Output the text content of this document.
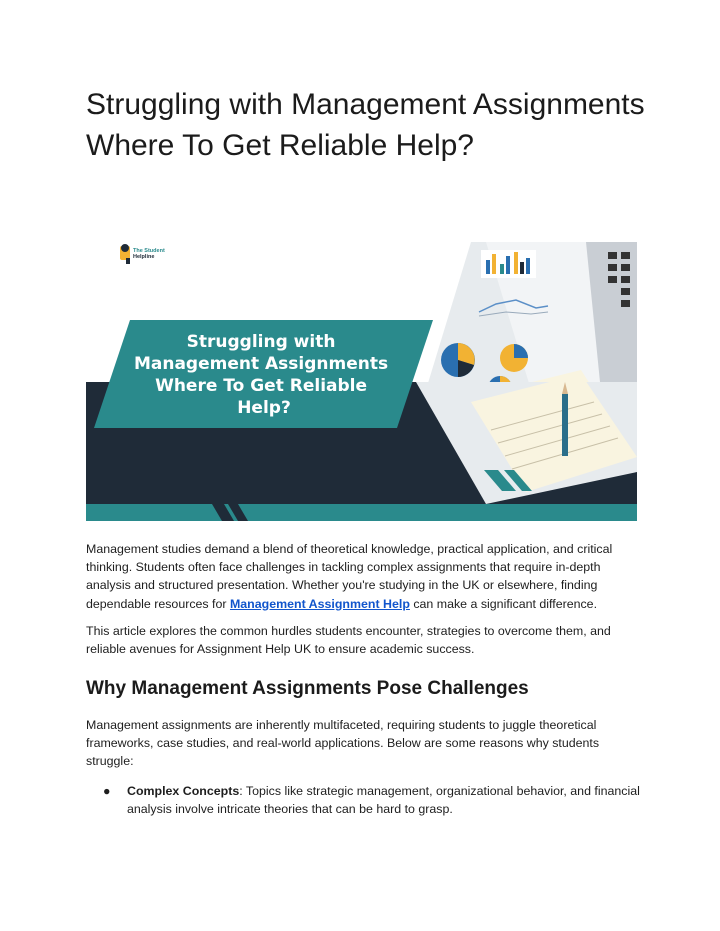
Struggling with Management Assignments Where To Get Reliable Help?
The Student
Helpline
Struggling with Management Assignments Where To Get Reliable Help?

Management studies demand a blend of theoretical knowledge, practical application, and critical thinking. Students often face challenges in tackling complex assignments that require in-depth analysis and structured presentation. Whether you're studying in the UK or elsewhere, finding dependable resources for Management Assignment Help can make a significant difference.

This article explores the common hurdles students encounter, strategies to overcome them, and reliable avenues for Assignment Help UK to ensure academic success.

Why Management Assignments Pose Challenges

Management assignments are inherently multifaceted, requiring students to juggle theoretical frameworks, case studies, and real-world applications. Below are some reasons why students struggle:

● Complex Concepts: Topics like strategic management, organizational behavior, and financial analysis involve intricate theories that can be hard to grasp.
